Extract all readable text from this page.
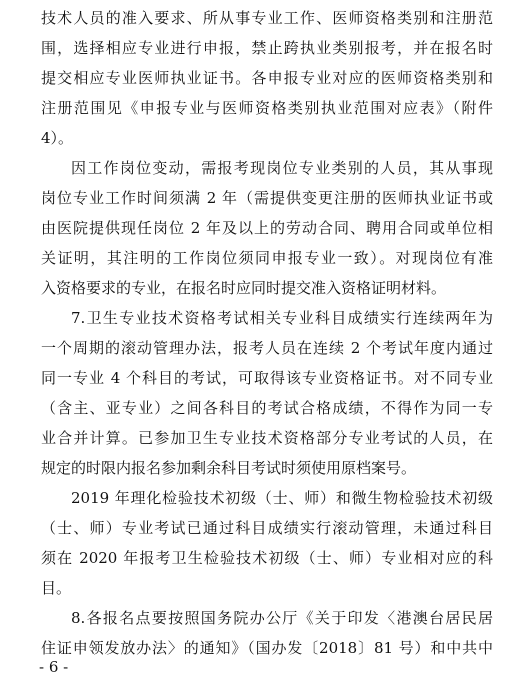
技术人员的准入要求、所从事专业工作、医师资格类别和注册范
围，选择相应专业进行申报，禁止跨执业类别报考，并在报名时
提交相应专业医师执业证书。各申报专业对应的医师资格类别和
注册范围见《申报专业与医师资格类别执业范围对应表》（附件
4）。
因工作岗位变动，需报考现岗位专业类别的人员，其从事现
岗位专业工作时间须满 2 年（需提供变更注册的医师执业证书或
由医院提供现任岗位 2 年及以上的劳动合同、聘用合同或单位相
关证明，其注明的工作岗位须同申报专业一致）。对现岗位有准
入资格要求的专业，在报名时应同时提交准入资格证明材料。
7.卫生专业技术资格考试相关专业科目成绩实行连续两年为
一个周期的滚动管理办法，报考人员在连续 2 个考试年度内通过
同一专业 4 个科目的考试，可取得该专业资格证书。对不同专业
（含主、亚专业）之间各科目的考试合格成绩，不得作为同一专
业合并计算。已参加卫生专业技术资格部分专业考试的人员，在
规定的时限内报名参加剩余科目考试时须使用原档案号。
2019 年理化检验技术初级（士、师）和微生物检验技术初级
（士、师）专业考试已通过科目成绩实行滚动管理，未通过科目
须在 2020 年报考卫生检验技术初级（士、师）专业相对应的科
目。
8.各报名点要按照国务院办公厅《关于印发〈港澳台居民居
住证申领发放办法〉的通知》（国办发〔2018〕81 号）和中共中
- 6 -
